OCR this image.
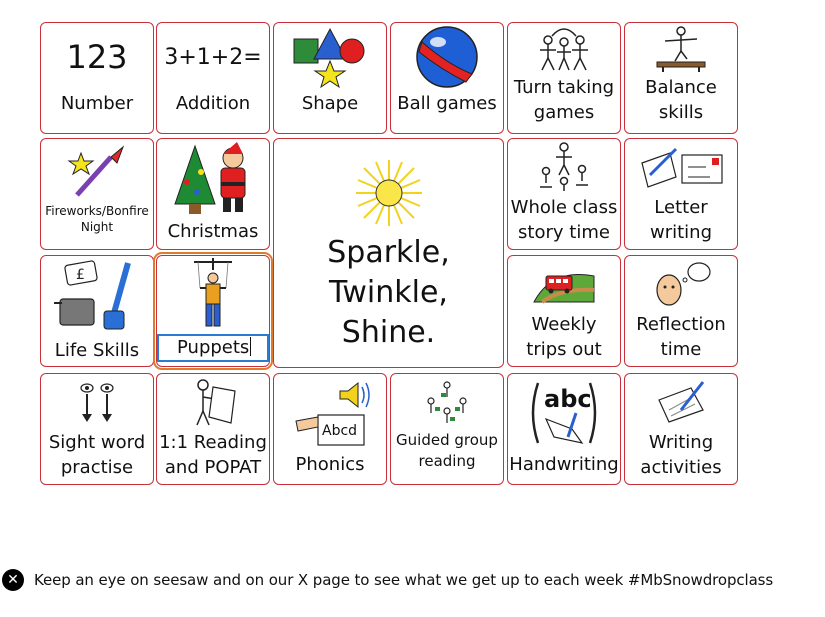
123
Number
3+1+2=
Addition	Shape Ball games
Turn taking
games
Balance
skills
Fireworks/Bonfire
Night	Christmas
Sparkle,
Twinkle,
Shine.
Whole class
story time
Letter
writing
£
Life Skills	Puppets
Weekly
trips out
Reflection
time
Sight word
practise
1:1 Reading
and POPAT
Abcd
Phonics
Guided group
reading
abc
Handwriting
Writing
activities
✕	Keep an eye on seesaw and on our X page to see what we get up to each week #MbSnowdropclass
